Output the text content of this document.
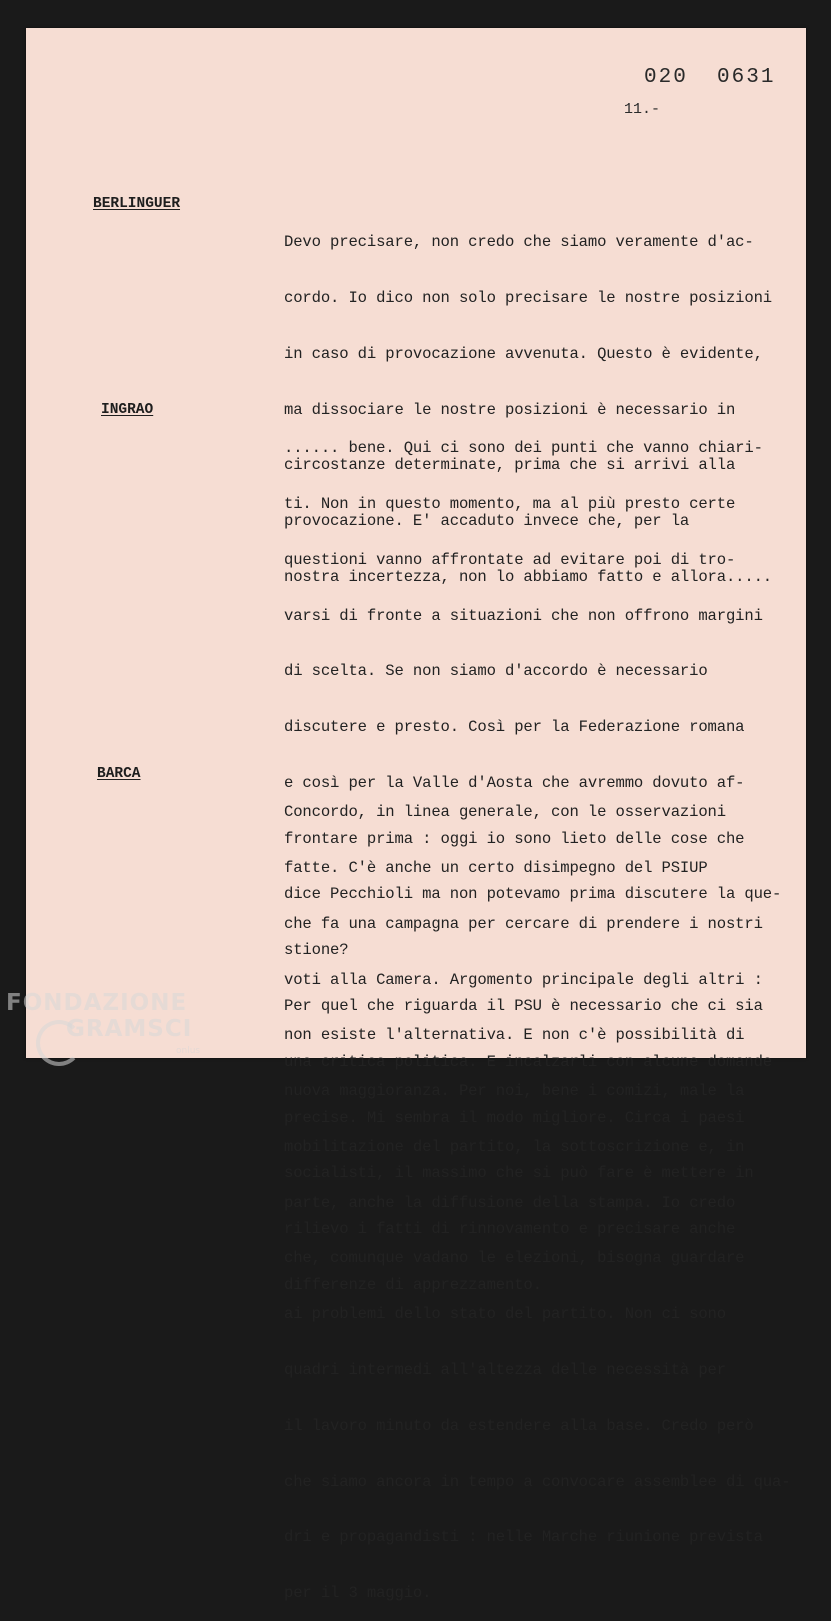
020  0631
11.-
BERLINGUER

Devo precisare, non credo che siamo veramente d'ac-

cordo. Io dico non solo precisare le nostre posizioni

in caso di provocazione avvenuta. Questo è evidente,

ma dissociare le nostre posizioni è necessario in

circostanze determinate, prima che si arrivi alla

provocazione. E' accaduto invece che, per la

nostra incertezza, non lo abbiamo fatto e allora.....

INGRAO

...... bene. Qui ci sono dei punti che vanno chiari-

ti. Non in questo momento, ma al più presto certe

questioni vanno affrontate ad evitare poi di tro-

varsi di fronte a situazioni che non offrono margini

di scelta. Se non siamo d'accordo è necessario

discutere e presto. Così per la Federazione romana

e così per la Valle d'Aosta che avremmo dovuto af-

frontare prima : oggi io sono lieto delle cose che

dice Pecchioli ma non potevamo prima discutere la que-

stione?

Per quel che riguarda il PSU è necessario che ci sia

una critica politica. E incalzarli con alcune domande

precise. Mi sembra il modo migliore. Circa i paesi

socialisti, il massimo che si può fare è mettere in

rilievo i fatti di rinnovamento e precisare anche

differenze di apprezzamento.

BARCA

Concordo, in linea generale, con le osservazioni

fatte. C'è anche un certo disimpegno del PSIUP

che fa una campagna per cercare di prendere i nostri

voti alla Camera. Argomento principale degli altri :

non esiste l'alternativa. E non c'è possibilità di

nuova maggioranza. Per noi, bene i comizi, male la

mobilitazione del partito, la sottoscrizione e, in

parte, anche la diffusione della stampa. Io credo

che, comunque vadano le elezioni, bisogna guardare

ai problemi dello stato del partito. Non ci sono

quadri intermedi all'altezza delle necessità per

il lavoro minuto da estendere alla base. Credo però

che siamo ancora in tempo a convocare assemblee di qua-

dri e propagandisti : nelle Marche riunione prevista

per il 3 maggio.

FONDAZIONE
GRAMSCI
onlus
